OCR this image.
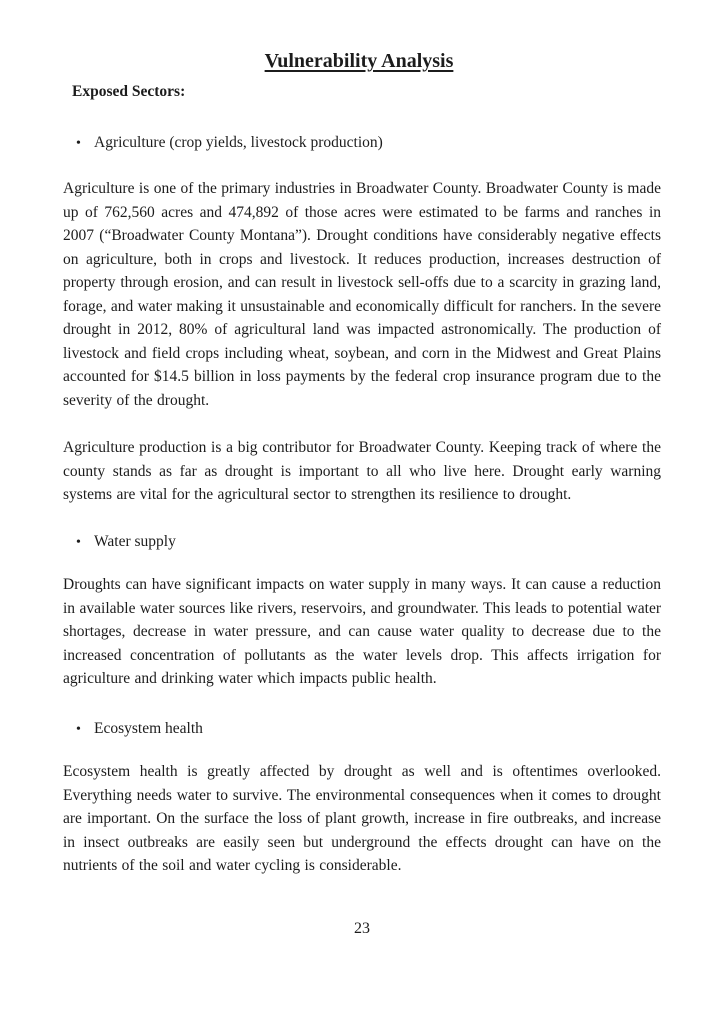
Vulnerability Analysis
Exposed Sectors:
•
Agriculture (crop yields, livestock production)

Agriculture is one of the primary industries in Broadwater County. Broadwater County is made up of 762,560 acres and 474,892 of those acres were estimated to be farms and ranches in 2007 (“Broadwater County Montana”). Drought conditions have considerably negative effects on agriculture, both in crops and livestock. It reduces production, increases destruction of property through erosion, and can result in livestock sell-offs due to a scarcity in grazing land, forage, and water making it unsustainable and economically difficult for ranchers. In the severe drought in 2012, 80% of agricultural land was impacted astronomically. The production of livestock and field crops including wheat, soybean, and corn in the Midwest and Great Plains accounted for $14.5 billion in loss payments by the federal crop insurance program due to the severity of the drought.

Agriculture production is a big contributor for Broadwater County. Keeping track of where the county stands as far as drought is important to all who live here. Drought early warning systems are vital for the agricultural sector to strengthen its resilience to drought.

•
Water supply

Droughts can have significant impacts on water supply in many ways. It can cause a reduction in available water sources like rivers, reservoirs, and groundwater. This leads to potential water shortages, decrease in water pressure, and can cause water quality to decrease due to the increased concentration of pollutants as the water levels drop. This affects irrigation for agriculture and drinking water which impacts public health.

•
Ecosystem health

Ecosystem health is greatly affected by drought as well and is oftentimes overlooked. Everything needs water to survive. The environmental consequences when it comes to drought are important. On the surface the loss of plant growth, increase in fire outbreaks, and increase in insect outbreaks are easily seen but underground the effects drought can have on the nutrients of the soil and water cycling is considerable.

23
